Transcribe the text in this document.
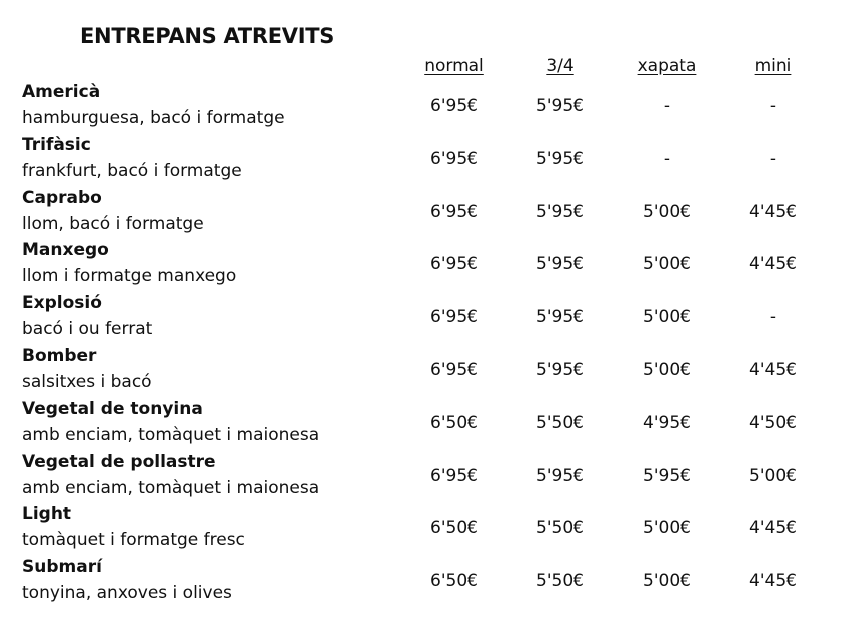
ENTREPANS ATREVITS
normal	3/4	xapata	mini
Americà
hamburguesa, bacó i formatge
6'95€	5'95€	-	-
Trifàsic
frankfurt, bacó i formatge
6'95€	5'95€	-	-
Caprabo
llom, bacó i formatge
6'95€	5'95€	5'00€	4'45€
Manxego
llom i formatge manxego
6'95€	5'95€	5'00€	4'45€
Explosió
bacó i ou ferrat
6'95€	5'95€	5'00€	-
Bomber
salsitxes i bacó
6'95€	5'95€	5'00€	4'45€
Vegetal de tonyina
amb enciam, tomàquet i maionesa
6'50€	5'50€	4'95€	4'50€
Vegetal de pollastre
amb enciam, tomàquet i maionesa
6'95€	5'95€	5'95€	5'00€
Light
tomàquet i formatge fresc
6'50€	5'50€	5'00€	4'45€
Submarí
tonyina, anxoves i olives
6'50€	5'50€	5'00€	4'45€
